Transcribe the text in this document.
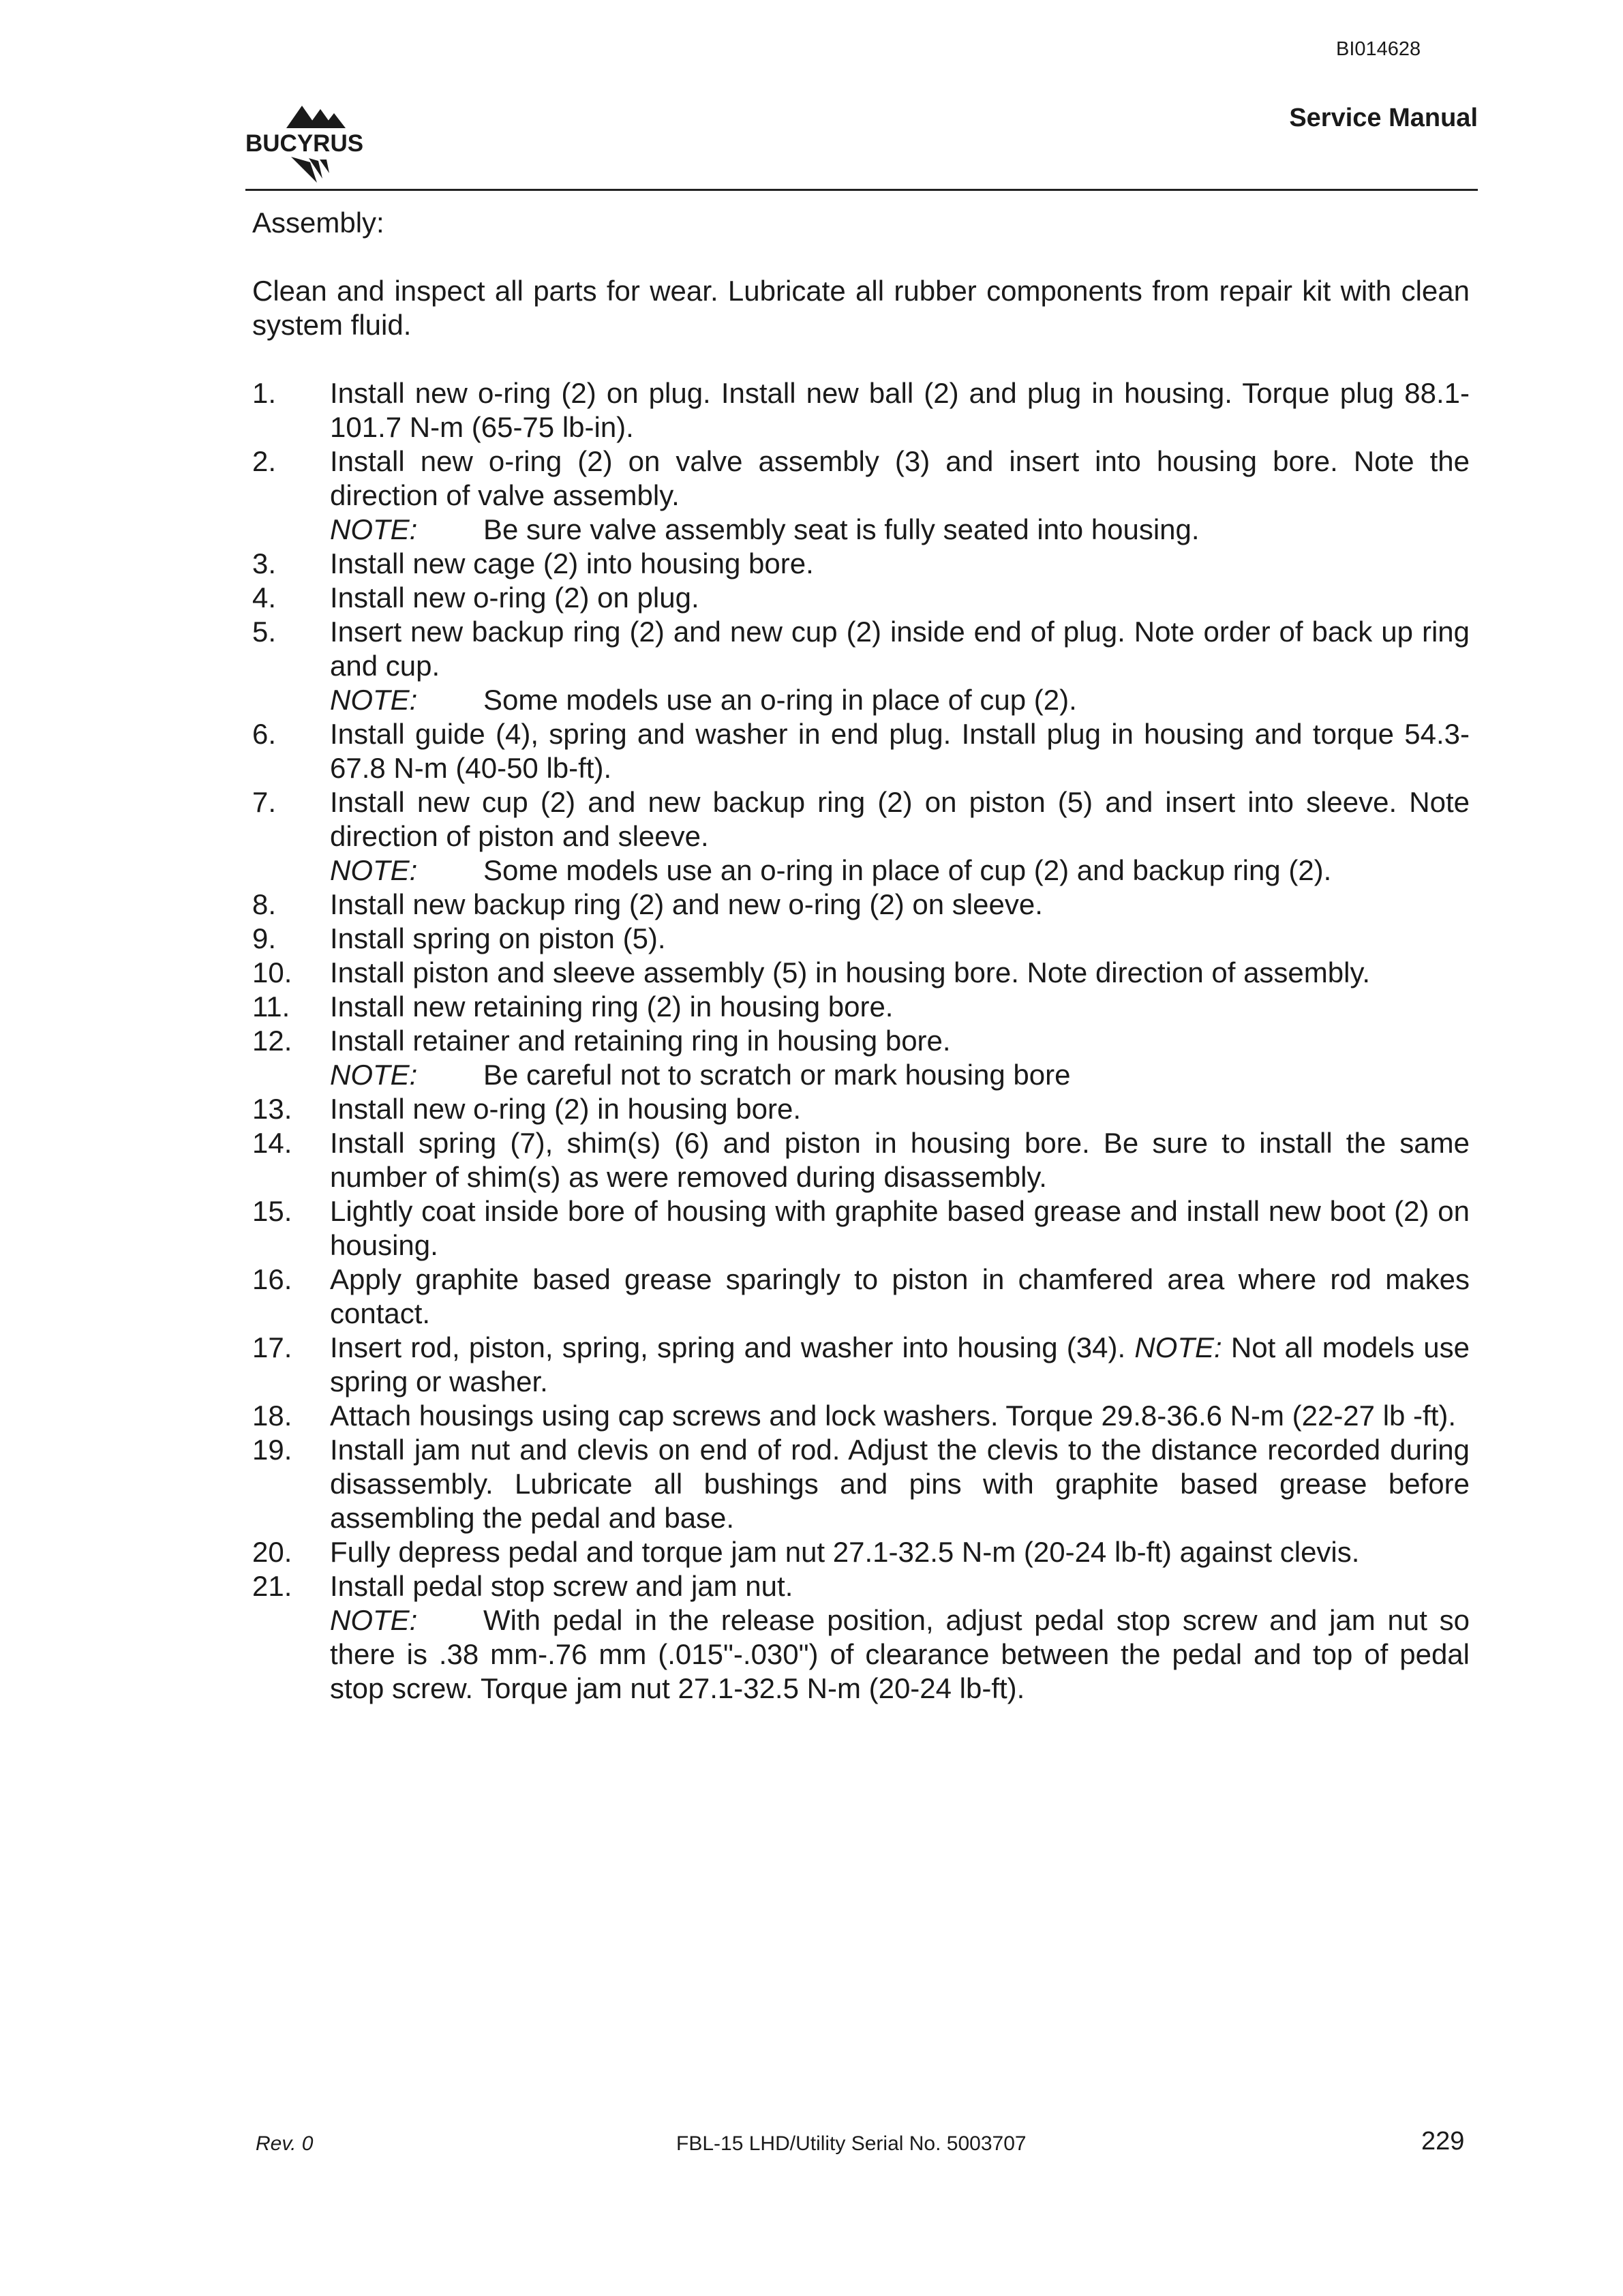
BI014628
BUCYRUS
Service Manual
Assembly:
Clean and inspect all parts for wear. Lubricate all rubber components from repair kit with clean system fluid.
1.	Install new o-ring (2) on plug. Install new ball (2) and plug in housing. Torque plug 88.1-101.7 N-m (65-75 lb-in).
2.	Install new o-ring (2) on valve assembly (3) and insert into housing bore. Note the direction of valve assembly.
NOTE:	Be sure valve assembly seat is fully seated into housing.
3.	Install new cage (2) into housing bore.
4.	Install new o-ring (2) on plug.
5.	Insert new backup ring (2) and new cup (2) inside end of plug. Note order of back up ring and cup.
NOTE:	Some models use an o-ring in place of cup (2).
6.	Install guide (4), spring and washer in end plug. Install plug in housing and torque 54.3-67.8 N-m (40-50 lb-ft).
7.	Install new cup (2) and new backup ring (2) on piston (5) and insert into sleeve. Note direction of piston and sleeve.
NOTE:	Some models use an o-ring in place of cup (2) and backup ring (2).
8.	Install new backup ring (2) and new o-ring (2) on sleeve.
9.	Install spring on piston (5).
10.	Install piston and sleeve assembly (5) in housing bore. Note direction of assembly.
11.	Install new retaining ring (2) in housing bore.
12.	Install retainer and retaining ring in housing bore.
NOTE:	Be careful not to scratch or mark housing bore
13.	Install new o-ring (2) in housing bore.
14.	Install spring (7), shim(s) (6) and piston in housing bore. Be sure to install the same number of shim(s) as were removed during disassembly.
15.	Lightly coat inside bore of housing with graphite based grease and install new boot (2) on housing.
16.	Apply graphite based grease sparingly to piston in chamfered area where rod makes contact.
17.	Insert rod, piston, spring, spring and washer into housing (34). NOTE: Not all models use spring or washer.
18.	Attach housings using cap screws and lock washers. Torque 29.8-36.6 N-m (22-27 lb -ft).
19.	Install jam nut and clevis on end of rod. Adjust the clevis to the distance recorded during disassembly. Lubricate all bushings and pins with graphite based grease before assembling the pedal and base.
20.	Fully depress pedal and torque jam nut 27.1-32.5 N-m (20-24 lb-ft) against clevis.
21.	Install pedal stop screw and jam nut.
NOTE: With pedal in the release position, adjust pedal stop screw and jam nut so there is .38 mm-.76 mm (.015"-.030") of clearance between the pedal and top of pedal stop screw. Torque jam nut 27.1-32.5 N-m (20-24 lb-ft).
Rev. 0	FBL-15 LHD/Utility Serial No. 5003707	229
